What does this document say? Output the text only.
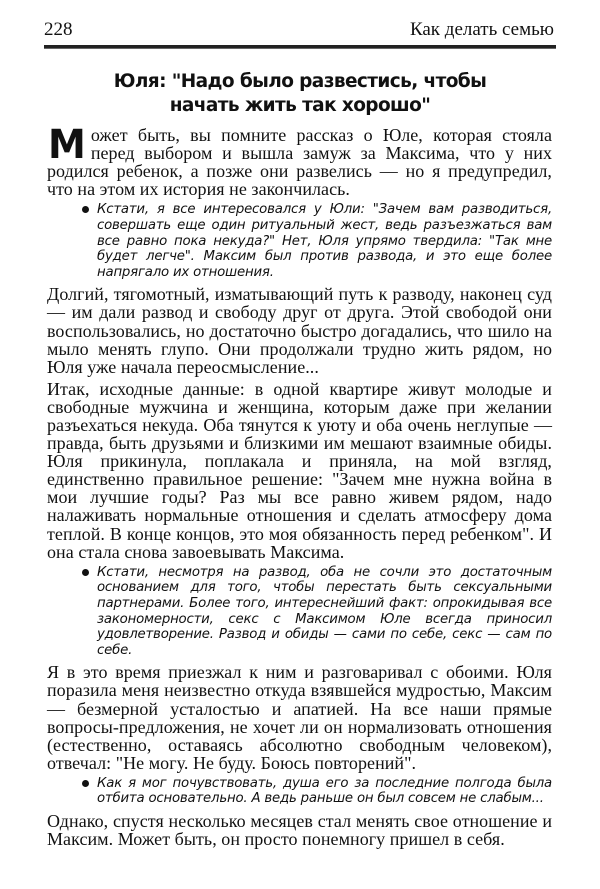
228	Как делать семью
Юля: "Надо было развестись, чтобы
начать жить так хорошо"

Может быть, вы помните рассказ о Юле, которая стояла перед выбором и вышла замуж за Максима, что у них родился ребенок, а позже они развелись — но я предупредил, что на этом их история не закончилась.

Кстати, я все интересовался у Юли: "Зачем вам разводиться, совершать еще один ритуальный жест, ведь разъезжаться вам все равно пока некуда?" Нет, Юля упрямо твердила: "Так мне будет легче". Максим был против развода, и это еще более напрягало их отношения.

Долгий, тягомотный, изматывающий путь к разводу, наконец суд — им дали развод и свободу друг от друга. Этой свободой они воспользовались, но достаточно быстро догадались, что шило на мыло менять глупо. Они продолжали трудно жить рядом, но Юля уже начала переосмысление...

Итак, исходные данные: в одной квартире живут молодые и свободные мужчина и женщина, которым даже при желании разъехаться некуда. Оба тянутся к уюту и оба очень неглупые — правда, быть друзьями и близкими им мешают взаимные обиды. Юля прикинула, поплакала и приняла, на мой взгляд, единственно правильное решение: "Зачем мне нужна война в мои лучшие годы? Раз мы все равно живем рядом, надо налаживать нормальные отношения и сделать атмосферу дома теплой. В конце концов, это моя обязанность перед ребенком". И она стала снова завоевывать Максима.

Кстати, несмотря на развод, оба не сочли это достаточным основанием для того, чтобы перестать быть сексуальными партнерами. Более того, интереснейший факт: опрокидывая все закономерности, секс с Максимом Юле всегда приносил удовлетворение. Развод и обиды — сами по себе, секс — сам по себе.

Я в это время приезжал к ним и разговаривал с обоими. Юля поразила меня неизвестно откуда взявшейся мудростью, Максим — безмерной усталостью и апатией. На все наши прямые вопросы-предложения, не хочет ли он нормализовать отношения (естественно, оставаясь абсолютно свободным человеком), отвечал: "Не могу. Не буду. Боюсь повторений".

Как я мог почувствовать, душа его за последние полгода была отбита основательно. А ведь раньше он был совсем не слабым...

Однако, спустя несколько месяцев стал менять свое отношение и Максим. Может быть, он просто понемногу пришел в себя.
